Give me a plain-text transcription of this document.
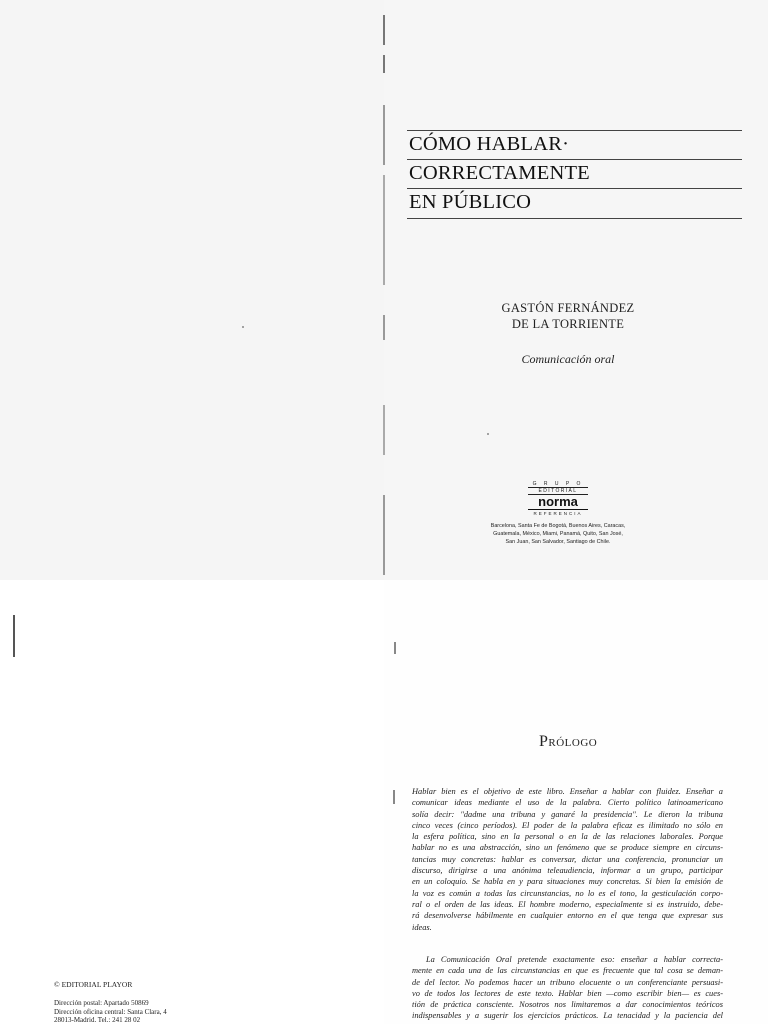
CÓMO HABLAR·
CORRECTAMENTE
EN PÚBLICO
GASTÓN FERNÁNDEZ
DE LA TORRIENTE
Comunicación oral
G R U P O
EDITORIAL
norma
REFERENCIA
Barcelona, Santa Fe de Bogotá, Buenos Aires, Caracas,
Guatemala, México, Miami, Panamá, Quito, San José,
San Juan, San Salvador, Santiago de Chile.
© EDITORIAL PLAYOR
Dirección postal: Apartado 50869
Dirección oficina central: Santa Clara, 4
28013-Madrid. Tel.: 241 28 02
Prólogo
Hablar bien es el objetivo de este libro. Enseñar a hablar con fluidez. Enseñar a
comunicar ideas mediante el uso de la palabra. Cierto político latinoamericano
solía decir: "dadme una tribuna y ganaré la presidencia". Le dieron la tribuna
cinco veces (cinco períodos). El poder de la palabra eficaz es ilimitado no sólo en
la esfera política, sino en la personal o en la de las relaciones laborales. Porque
hablar no es una abstracción, sino un fenómeno que se produce siempre en circuns-
tancias muy concretas: hablar es conversar, dictar una conferencia, pronunciar un
discurso, dirigirse a una anónima teleaudiencia, informar a un grupo, participar
en un coloquio. Se habla en y para situaciones muy concretas. Si bien la emisión de
la voz es común a todas las circunstancias, no lo es el tono, la gesticulación corpo-
ral o el orden de las ideas. El hombre moderno, especialmente si es instruido, debe-
rá desenvolverse hábilmente en cualquier entorno en el que tenga que expresar sus
ideas.
La Comunicación Oral pretende exactamente eso: enseñar a hablar correcta-
mente en cada una de las circunstancias en que es frecuente que tal cosa se deman-
de del lector. No podemos hacer un tribuno elocuente o un conferenciante persuasi-
vo de todos los lectores de este texto. Hablar bien —como escribir bien— es cues-
tión de práctica consciente. Nosotros nos limitaremos a dar conocimientos teóricos
indispensables y a sugerir los ejercicios prácticos. La tenacidad y la paciencia del
